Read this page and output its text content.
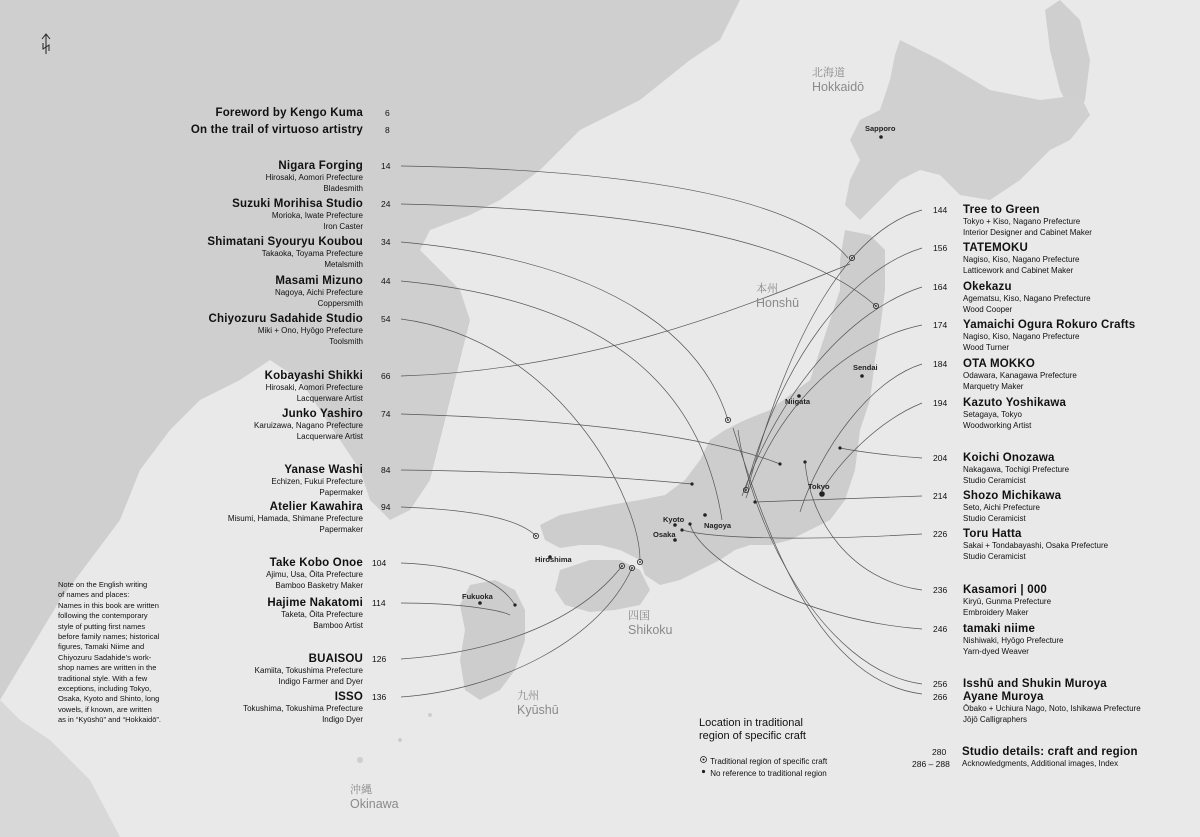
北海道
Hokkaidō
本州
Honshū
四国
Shikoku
九州
Kyūshū
沖縄
Okinawa
Sapporo
Sendai
Niigata
Tokyo
Kyoto
Nagoya
Osaka
Hiroshima
Fukuoka
Foreword by Kengo Kuma	6
On the trail of virtuoso artistry	8
14
Nigara Forging
Hirosaki, Aomori Prefecture
Bladesmith
24
Suzuki Morihisa Studio
Morioka, Iwate Prefecture
Iron Caster
34
Shimatani Syouryu Koubou
Takaoka, Toyama Prefecture
Metalsmith
44
Masami Mizuno
Nagoya, Aichi Prefecture
Coppersmith
54
Chiyozuru Sadahide Studio
Miki + Ono, Hyōgo Prefecture
Toolsmith
66
Kobayashi Shikki
Hirosaki, Aomori Prefecture
Lacquerware Artist
74
Junko Yashiro
Karuizawa, Nagano Prefecture
Lacquerware Artist
84
Yanase Washi
Echizen, Fukui Prefecture
Papermaker
94
Atelier Kawahira
Misumi, Hamada, Shimane Prefecture
Papermaker
104
Take Kobo Onoe
Ajimu, Usa, Ōita Prefecture
Bamboo Basketry Maker
114
Hajime Nakatomi
Taketa, Ōita Prefecture
Bamboo Artist
126
BUAISOU
Kamiita, Tokushima Prefecture
Indigo Farmer and Dyer
136
ISSO
Tokushima, Tokushima Prefecture
Indigo Dyer
144 Tree to Green
Tokyo + Kiso, Nagano Prefecture
Interior Designer and Cabinet Maker
156 TATEMOKU
Nagiso, Kiso, Nagano Prefecture
Latticework and Cabinet Maker
164 Okekazu
Agematsu, Kiso, Nagano Prefecture
Wood Cooper
174 Yamaichi Ogura Rokuro Crafts
Nagiso, Kiso, Nagano Prefecture
Wood Turner
184 OTA MOKKO
Odawara, Kanagawa Prefecture
Marquetry Maker
194 Kazuto Yoshikawa
Setagaya, Tokyo
Woodworking Artist
204 Koichi Onozawa
Nakagawa, Tochigi Prefecture
Studio Ceramicist
214 Shozo Michikawa
Seto, Aichi Prefecture
Studio Ceramicist
226 Toru Hatta
Sakai + Tondabayashi, Osaka Prefecture
Studio Ceramicist
236 Kasamori | 000
Kiryū, Gunma Prefecture
Embroidery Maker
246 tamaki niime
Nishiwaki, Hyōgo Prefecture
Yarn-dyed Weaver
256 Isshū and Shukin Muroya
266 Ayane Muroya
Ōbako + Uchiura Nago, Noto, Ishikawa Prefecture
Jōjō Calligraphers
280 Studio details: craft and region
Acknowledgments, Additional images, Index
286 – 288
Note on the English writing
of names and places:
Names in this book are written
following the contemporary
style of putting first names
before family names; historical
figures, Tamaki Niime and
Chiyozuru Sadahide’s work-
shop names are written in the
traditional style. With a few
exceptions, including Tokyo,
Osaka, Kyoto and Shinto, long
vowels, if known, are written
as in “Kyūshū” and “Hokkaidō”.	Location in traditional
region of specific craft
Traditional region of specific craft
No reference to traditional region
